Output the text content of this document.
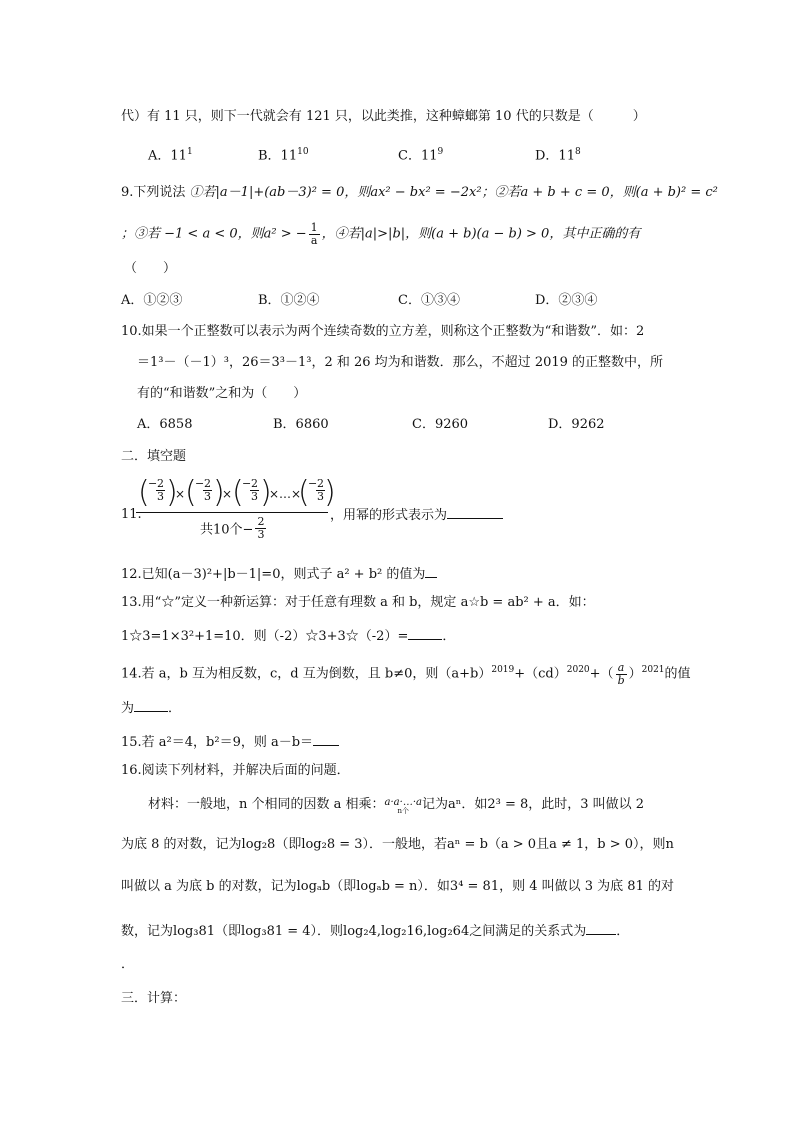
代）有 11 只，则下一代就会有 121 只，以此类推，这种蟑螂第 10 代的只数是（　　　）
A．$11^1$	B．$11^{10}$	C．$11^9$	D．$11^8$
9.下列说法 ①若|a－1|+(ab－3)² = 0，则ax² − bx² = −2x²；②若a + b + c = 0，则(a + b)² = c²
；③若 −1 < a < 0，则a² > − $\frac{1}{a}$ ，④若|a|>|b|，则(a + b)(a − b) > 0，其中正确的有
（　　）
A．①②③	B．①②④	C．①③④	D．②③④
10.如果一个正整数可以表示为两个连续奇数的立方差，则称这个正整数为“和谐数”．如：2
＝1³－（－1）³，26＝3³－1³，2 和 26 均为和谐数．那么，不超过 2019 的正整数中，所
有的“和谐数”之和为（　　）
A．6858	B．6860	C．9260	D．9262
二．填空题
11.
(
− 2
3 )
× (
− 2
3 )
× (
− 2
3 )
×…×
(
− 2
3 )
共10个− $\frac{2}{3}$
，用幂的形式表示为
12.已知(a－3)²+|b－1|=0，则式子 a² + b² 的值为
13.用“☆”定义一种新运算：对于任意有理数 a 和 b，规定 a☆b = ab² + a．如：
1☆3=1×3²+1=10．则（-2）☆3+3☆（-2）=	．
14.若 a，b 互为相反数，c，d 互为倒数，且 b≠0，则$(a+b)^{2019}+(cd)^{2020}+( \frac{a}{b} )^{2021}$的值
为	．
15.若 a²＝4，b²＝9，则 a－b＝
16.阅读下列材料，并解决后面的问题．
材料：一般地，n 个相同的因数 a 相乘： a·a·…·a
n个 记为aⁿ．如2³ = 8，此时，3 叫做以 2
为底 8 的对数，记为log₂8（即log₂8 = 3）．一般地，若aⁿ = b（a > 0且a ≠ 1，b > 0），则n
叫做以 a 为底 b 的对数，记为logₐb（即logₐb = n）．如3⁴ = 81，则 4 叫做以 3 为底 81 的对
数，记为log₃81（即log₃81 = 4）．则log₂4,log₂16,log₂64之间满足的关系式为 ．
．
三．计算：
